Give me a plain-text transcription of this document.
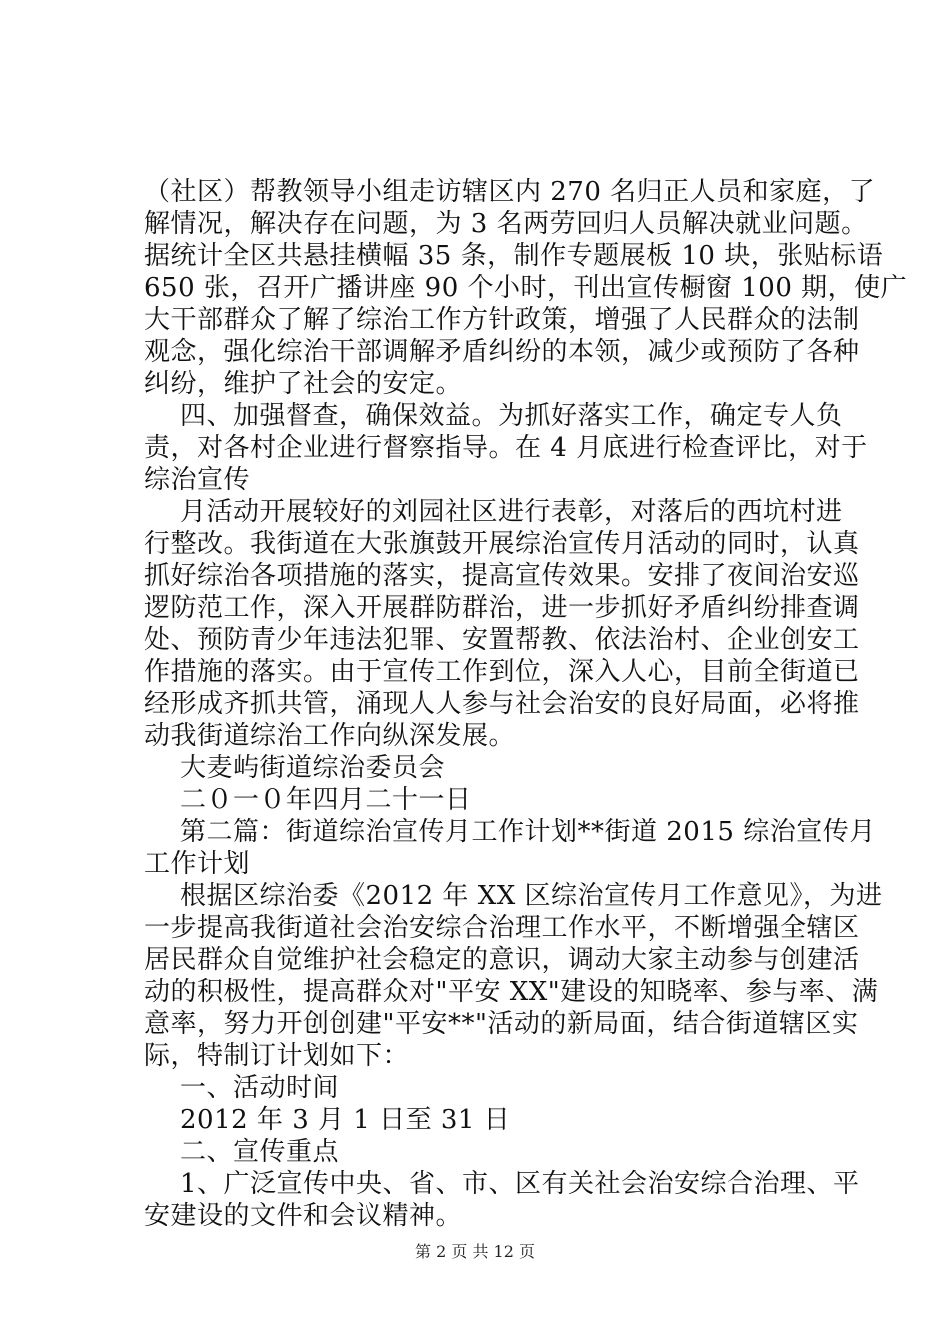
（社区）帮教领导小组走访辖区内 270 名归正人员和家庭，了
解情况，解决存在问题，为 3 名两劳回归人员解决就业问题。
据统计全区共悬挂横幅 35 条，制作专题展板 10 块，张贴标语
650 张，召开广播讲座 90 个小时，刊出宣传橱窗 100 期，使广
大干部群众了解了综治工作方针政策，增强了人民群众的法制
观念，强化综治干部调解矛盾纠纷的本领，减少或预防了各种
纠纷，维护了社会的安定。
四、加强督查，确保效益。为抓好落实工作，确定专人负
责，对各村企业进行督察指导。在 4 月底进行检查评比，对于
综治宣传
月活动开展较好的刘园社区进行表彰，对落后的西坑村进
行整改。我街道在大张旗鼓开展综治宣传月活动的同时，认真
抓好综治各项措施的落实，提高宣传效果。安排了夜间治安巡
逻防范工作，深入开展群防群治，进一步抓好矛盾纠纷排查调
处、预防青少年违法犯罪、安置帮教、依法治村、企业创安工
作措施的落实。由于宣传工作到位，深入人心，目前全街道已
经形成齐抓共管，涌现人人参与社会治安的良好局面，必将推
动我街道综治工作向纵深发展。
大麦屿街道综治委员会
二０一０年四月二十一日
第二篇：街道综治宣传月工作计划**街道 2015 综治宣传月
工作计划
根据区综治委《2012 年 XX 区综治宣传月工作意见》，为进
一步提高我街道社会治安综合治理工作水平，不断增强全辖区
居民群众自觉维护社会稳定的意识，调动大家主动参与创建活
动的积极性，提高群众对"平安 XX"建设的知晓率、参与率、满
意率，努力开创创建"平安**"活动的新局面，结合街道辖区实
际，特制订计划如下：
一、活动时间
2012 年 3 月 1 日至 31 日
二、宣传重点
1、广泛宣传中央、省、市、区有关社会治安综合治理、平
安建设的文件和会议精神。
第 2 页 共 12 页
